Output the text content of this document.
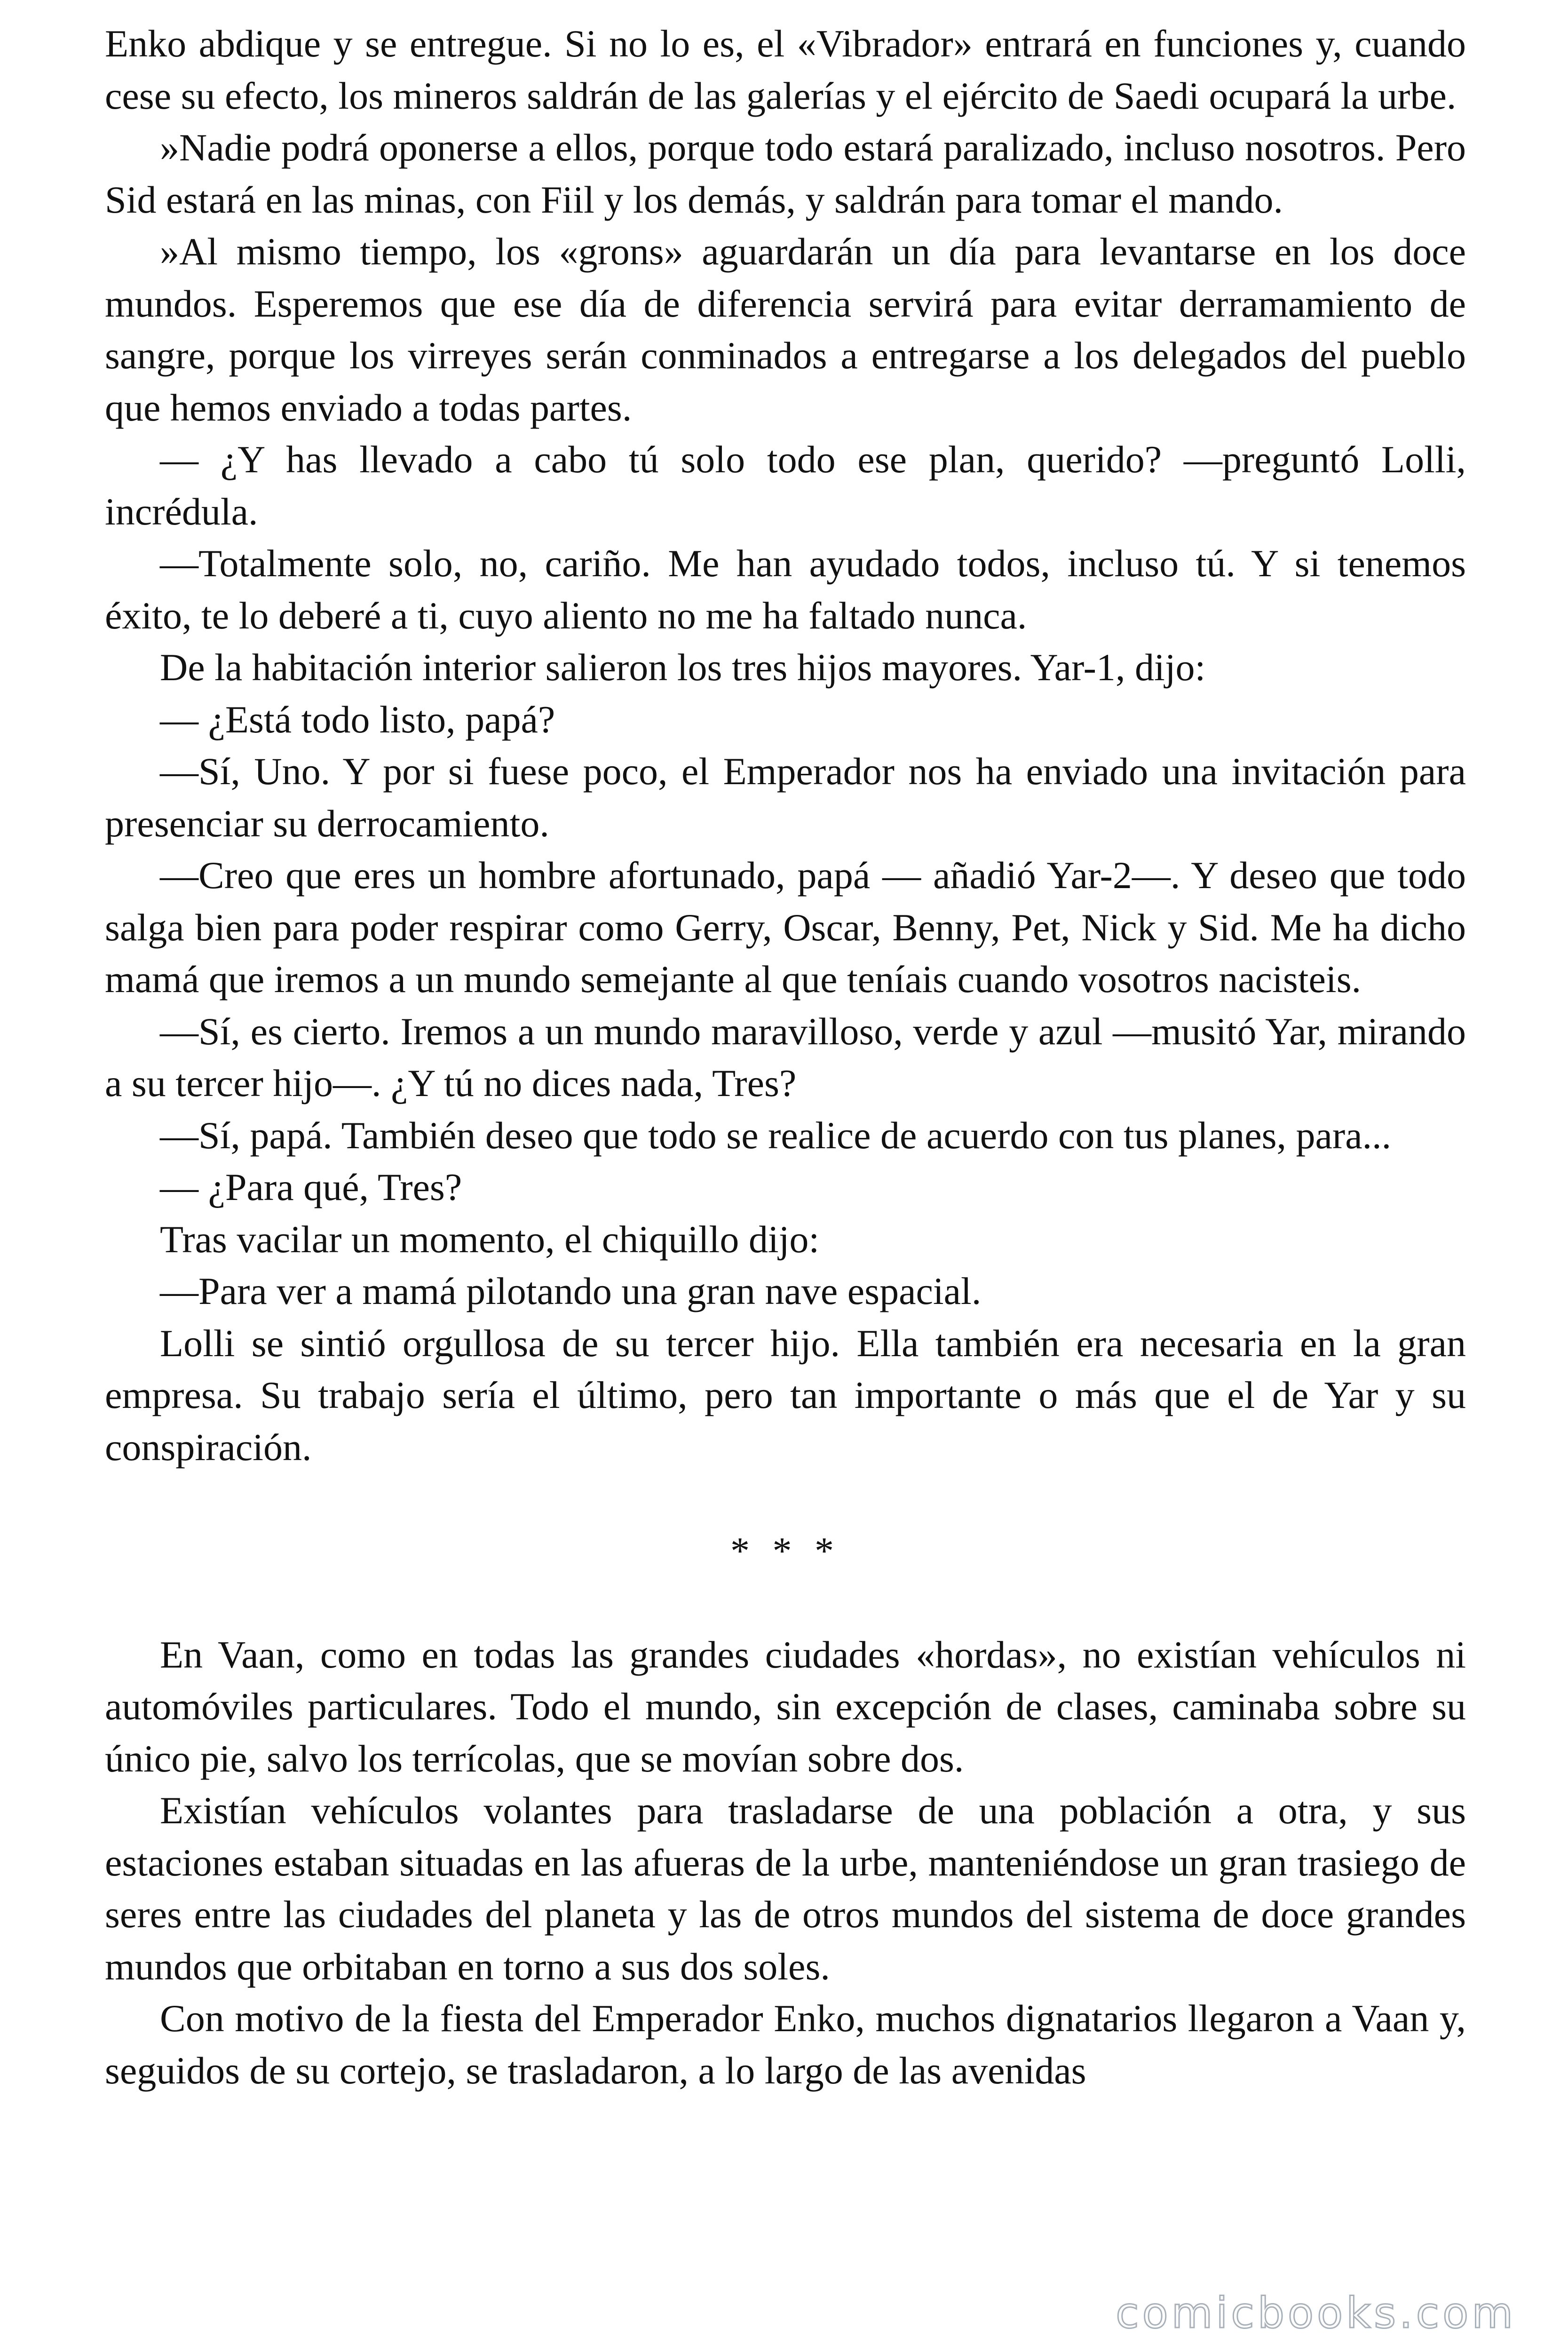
Enko abdique y se entregue. Si no lo es, el «Vibrador» entrará en funciones y, cuando cese su efecto, los mineros saldrán de las galerías y el ejército de Saedi ocupará la urbe.

»Nadie podrá oponerse a ellos, porque todo estará paralizado, incluso nosotros. Pero Sid estará en las minas, con Fiil y los demás, y saldrán para tomar el mando.

»Al mismo tiempo, los «grons» aguardarán un día para levantarse en los doce mundos. Esperemos que ese día de diferencia servirá para evitar derramamiento de sangre, porque los virreyes serán conminados a entregarse a los delegados del pueblo que hemos enviado a todas partes.

— ¿Y has llevado a cabo tú solo todo ese plan, querido? —preguntó Lolli, incrédula.

—Totalmente solo, no, cariño. Me han ayudado todos, incluso tú. Y si tenemos éxito, te lo deberé a ti, cuyo aliento no me ha faltado nunca.

De la habitación interior salieron los tres hijos mayores. Yar-1, dijo:

— ¿Está todo listo, papá?

—Sí, Uno. Y por si fuese poco, el Emperador nos ha enviado una invitación para presenciar su derrocamiento.

—Creo que eres un hombre afortunado, papá — añadió Yar-2—. Y deseo que todo salga bien para poder respirar como Gerry, Oscar, Benny, Pet, Nick y Sid. Me ha dicho mamá que iremos a un mundo semejante al que teníais cuando vosotros nacisteis.

—Sí, es cierto. Iremos a un mundo maravilloso, verde y azul —musitó Yar, mirando a su tercer hijo—. ¿Y tú no dices nada, Tres?

—Sí, papá. También deseo que todo se realice de acuerdo con tus planes, para...

— ¿Para qué, Tres?

Tras vacilar un momento, el chiquillo dijo:

—Para ver a mamá pilotando una gran nave espacial.

Lolli se sintió orgullosa de su tercer hijo. Ella también era necesaria en la gran empresa. Su trabajo sería el último, pero tan importante o más que el de Yar y su conspiración.

* * *

En Vaan, como en todas las grandes ciudades «hordas», no existían vehículos ni automóviles particulares. Todo el mundo, sin excepción de clases, caminaba sobre su único pie, salvo los terrícolas, que se movían sobre dos.

Existían vehículos volantes para trasladarse de una población a otra, y sus estaciones estaban situadas en las afueras de la urbe, manteniéndose un gran trasiego de seres entre las ciudades del planeta y las de otros mundos del sistema de doce grandes mundos que orbitaban en torno a sus dos soles.

Con motivo de la fiesta del Emperador Enko, muchos dignatarios llegaron a Vaan y, seguidos de su cortejo, se trasladaron, a lo largo de las avenidas

comicbooks.com
